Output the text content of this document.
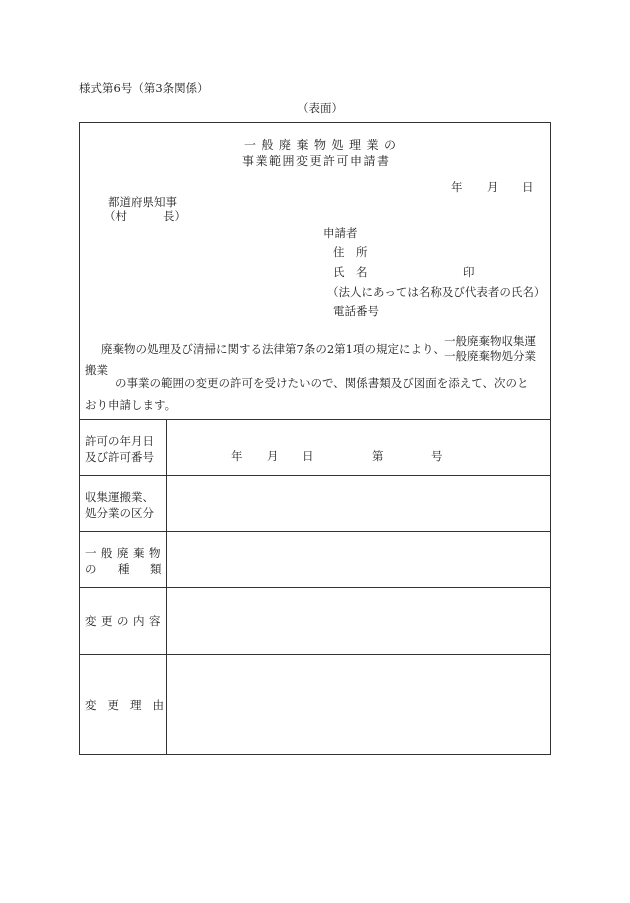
様式第6号（第3条関係）
（表面）
一般廃棄物処理業の
事業範囲変更許可申請書
年 月 日
都道府県知事
（村	長）
申請者
住　所
氏　名	印
（法人にあっては名称及び代表者の氏名）
電話番号
廃棄物の処理及び清掃に関する法律第7条の2第1項の規定により、
一般廃棄物収集運
一般廃棄物処分業
搬業
の事業の範囲の変更の許可を受けたいので、関係書類及び図面を添えて、次のと
おり申請します。
許可の年月日
及び許可番号	年 月 日	第	号
収集運搬業、
処分業の区分
一般廃棄物
の 種 類
変更の内容
変更理由
